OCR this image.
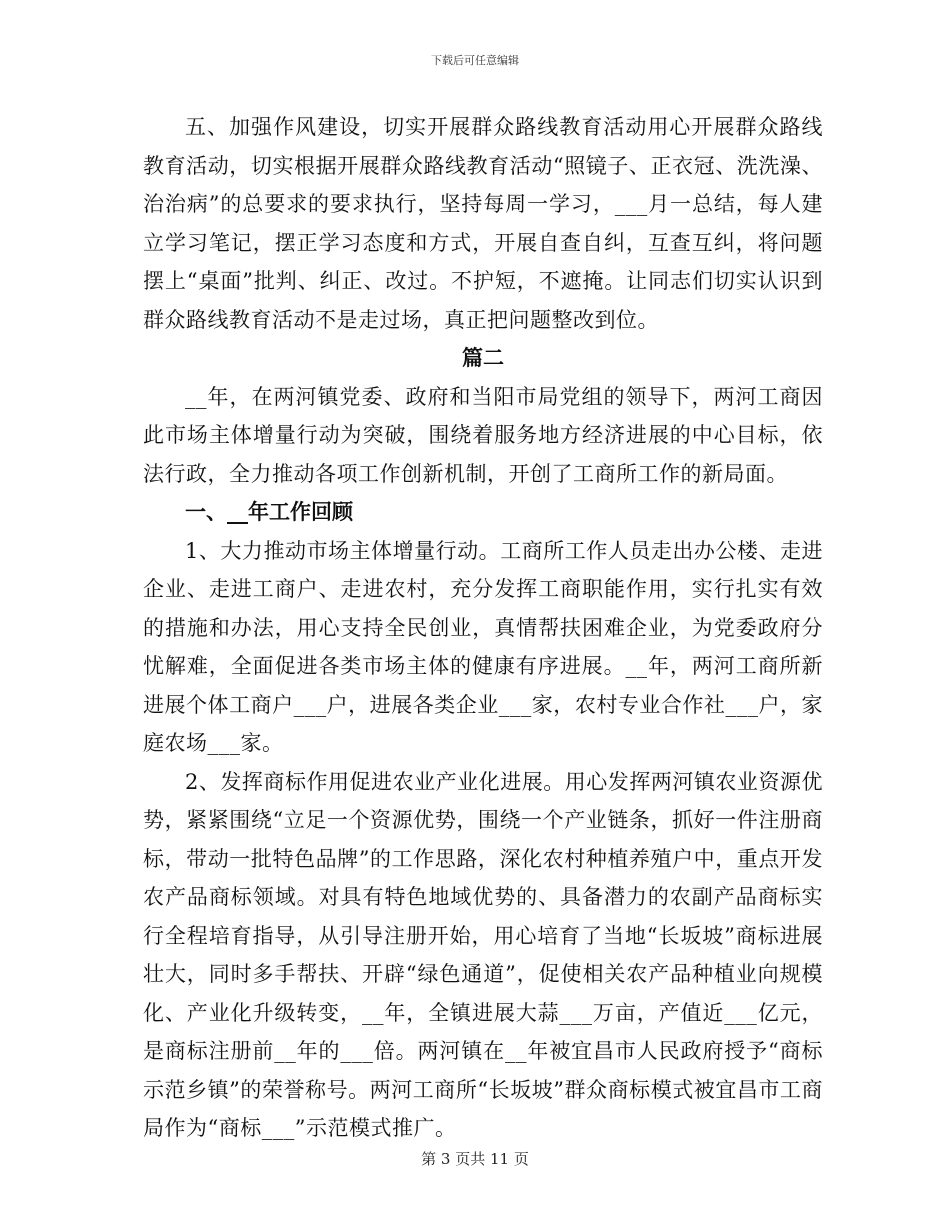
下载后可任意编辑

五、加强作风建设，切实开展群众路线教育活动用心开展群众路线教育活动，切实根据开展群众路线教育活动“照镜子、正衣冠、洗洗澡、治治病”的总要求的要求执行，坚持每周一学习，___月一总结，每人建立学习笔记，摆正学习态度和方式，开展自查自纠，互查互纠，将问题摆上“桌面”批判、纠正、改过。不护短，不遮掩。让同志们切实认识到群众路线教育活动不是走过场，真正把问题整改到位。

篇二

__年，在两河镇党委、政府和当阳市局党组的领导下，两河工商因此市场主体增量行动为突破，围绕着服务地方经济进展的中心目标，依法行政，全力推动各项工作创新机制，开创了工商所工作的新局面。

一、__年工作回顾

1、大力推动市场主体增量行动。工商所工作人员走出办公楼、走进企业、走进工商户、走进农村，充分发挥工商职能作用，实行扎实有效的措施和办法，用心支持全民创业，真情帮扶困难企业，为党委政府分忧解难，全面促进各类市场主体的健康有序进展。__年，两河工商所新进展个体工商户___户，进展各类企业___家，农村专业合作社___户，家庭农场___家。

2、发挥商标作用促进农业产业化进展。用心发挥两河镇农业资源优势，紧紧围绕“立足一个资源优势，围绕一个产业链条，抓好一件注册商标，带动一批特色品牌”的工作思路，深化农村种植养殖户中，重点开发农产品商标领域。对具有特色地域优势的、具备潜力的农副产品商标实行全程培育指导，从引导注册开始，用心培育了当地“长坂坡”商标进展壮大，同时多手帮扶、开辟“绿色通道”，促使相关农产品种植业向规模化、产业化升级转变，__年，全镇进展大蒜___万亩，产值近___亿元，是商标注册前__年的___倍。两河镇在__年被宜昌市人民政府授予“商标示范乡镇”的荣誉称号。两河工商所“长坂坡”群众商标模式被宜昌市工商局作为“商标___”示范模式推广。

第 3 页共 11 页
